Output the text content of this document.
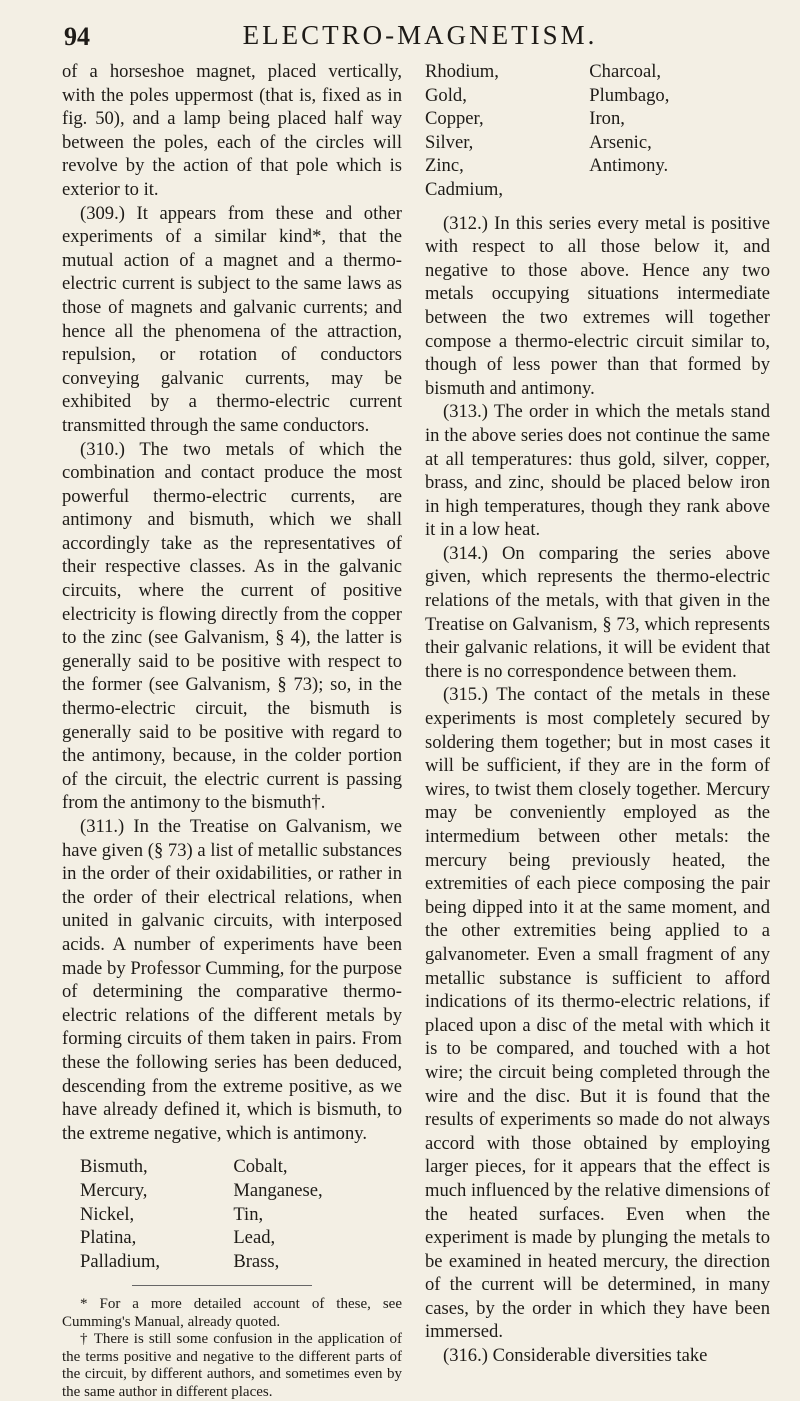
94	ELECTRO-MAGNETISM.

of a horseshoe magnet, placed vertically, with the poles uppermost (that is, fixed as in fig. 50), and a lamp being placed half way between the poles, each of the circles will revolve by the action of that pole which is exterior to it.

(309.) It appears from these and other experiments of a similar kind*, that the mutual action of a magnet and a thermo-electric current is subject to the same laws as those of magnets and galvanic currents; and hence all the phenomena of the attraction, repulsion, or rotation of conductors conveying galvanic currents, may be exhibited by a thermo-electric current transmitted through the same conductors.

(310.) The two metals of which the combination and contact produce the most powerful thermo-electric currents, are antimony and bismuth, which we shall accordingly take as the representatives of their respective classes. As in the galvanic circuits, where the current of positive electricity is flowing directly from the copper to the zinc (see Galvanism, § 4), the latter is generally said to be positive with respect to the former (see Galvanism, § 73); so, in the thermo-electric circuit, the bismuth is generally said to be positive with regard to the antimony, because, in the colder portion of the circuit, the electric current is passing from the antimony to the bismuth†.

(311.) In the Treatise on Galvanism, we have given (§ 73) a list of metallic substances in the order of their oxidabilities, or rather in the order of their electrical relations, when united in galvanic circuits, with interposed acids. A number of experiments have been made by Professor Cumming, for the purpose of determining the comparative thermo-electric relations of the different metals by forming circuits of them taken in pairs. From these the following series has been deduced, descending from the extreme positive, as we have already defined it, which is bismuth, to the extreme negative, which is antimony.

Bismuth,
Mercury,
Nickel,
Platina,
Palladium,
Cobalt,
Manganese,
Tin,
Lead,
Brass,

* For a more detailed account of these, see Cumming's Manual, already quoted.

† There is still some confusion in the application of the terms positive and negative to the different parts of the circuit, by different authors, and sometimes even by the same author in different places.

Rhodium,
Gold,
Copper,
Silver,
Zinc,
Cadmium,
Charcoal,
Plumbago,
Iron,
Arsenic,
Antimony.

(312.) In this series every metal is positive with respect to all those below it, and negative to those above. Hence any two metals occupying situations intermediate between the two extremes will together compose a thermo-electric circuit similar to, though of less power than that formed by bismuth and antimony.

(313.) The order in which the metals stand in the above series does not continue the same at all temperatures: thus gold, silver, copper, brass, and zinc, should be placed below iron in high temperatures, though they rank above it in a low heat.

(314.) On comparing the series above given, which represents the thermo-electric relations of the metals, with that given in the Treatise on Galvanism, § 73, which represents their galvanic relations, it will be evident that there is no correspondence between them.

(315.) The contact of the metals in these experiments is most completely secured by soldering them together; but in most cases it will be sufficient, if they are in the form of wires, to twist them closely together. Mercury may be conveniently employed as the intermedium between other metals: the mercury being previously heated, the extremities of each piece composing the pair being dipped into it at the same moment, and the other extremities being applied to a galvanometer. Even a small fragment of any metallic substance is sufficient to afford indications of its thermo-electric relations, if placed upon a disc of the metal with which it is to be compared, and touched with a hot wire; the circuit being completed through the wire and the disc. But it is found that the results of experiments so made do not always accord with those obtained by employing larger pieces, for it appears that the effect is much influenced by the relative dimensions of the heated surfaces. Even when the experiment is made by plunging the metals to be examined in heated mercury, the direction of the current will be determined, in many cases, by the order in which they have been immersed.

(316.) Considerable diversities take
